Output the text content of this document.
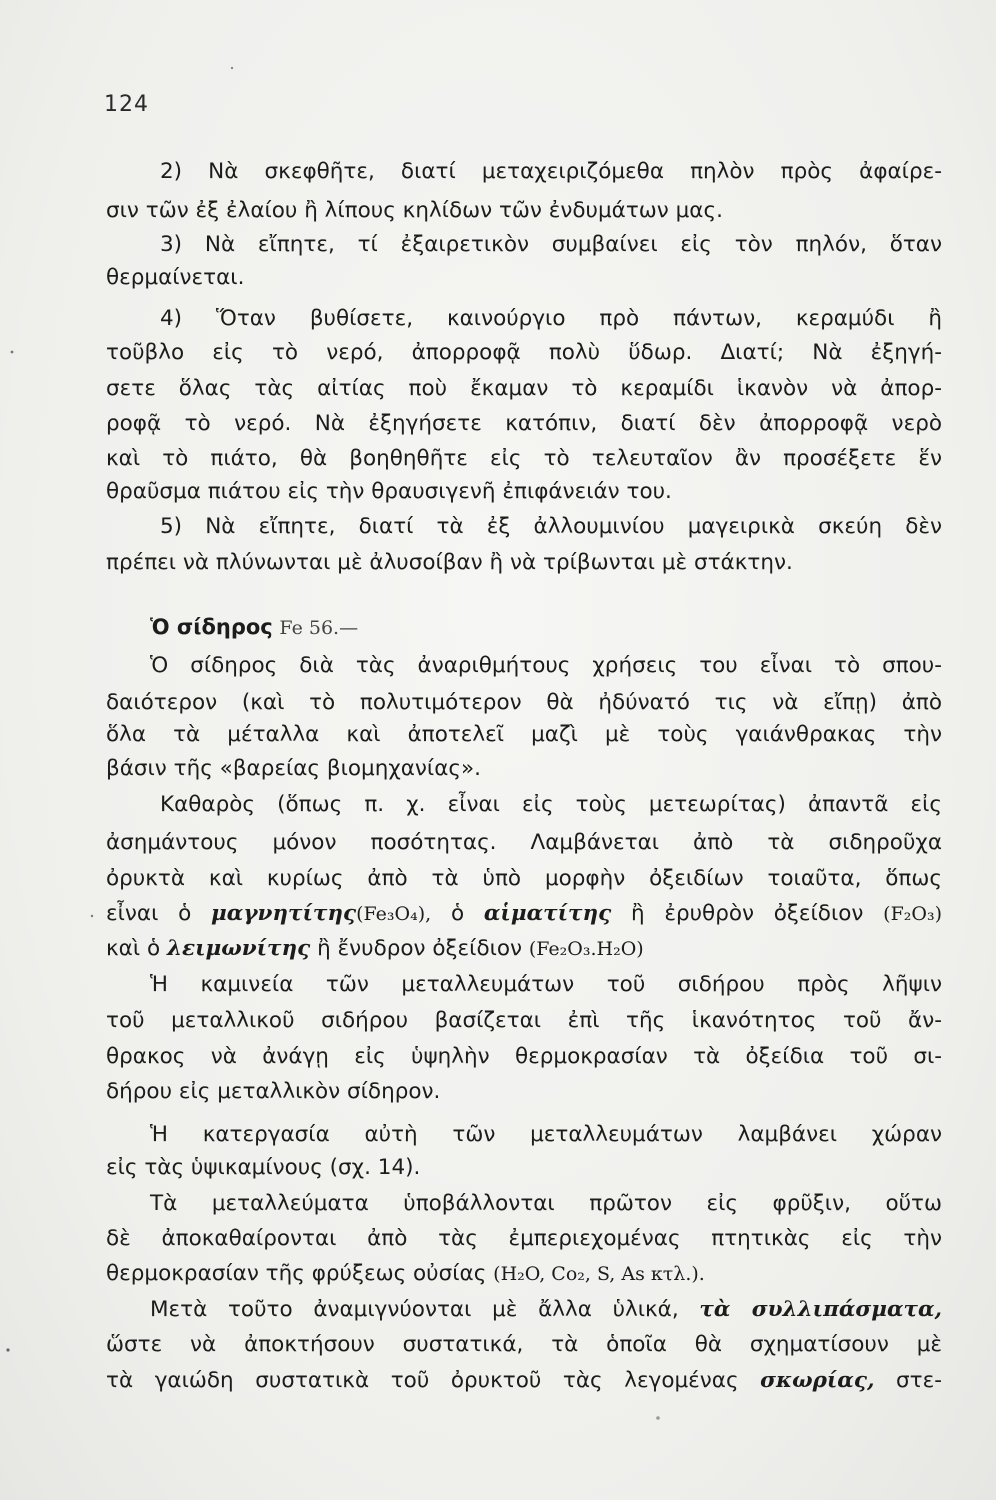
124
2) Νὰ σκεφθῆτε, διατί μεταχειριζόμεθα πηλὸν πρὸς ἀφαίρε-
σιν τῶν ἐξ ἐλαίου ἢ λίπους κηλίδων τῶν ἐνδυμάτων μας.
3) Νὰ εἴπητε, τί ἐξαιρετικὸν συμβαίνει εἰς τὸν πηλόν, ὅταν
θερμαίνεται.
4) Ὅταν βυθίσετε, καινούργιο πρὸ πάντων, κεραμύδι ἢ
τοῦβλο εἰς τὸ νερό, ἀπορροφᾷ πολὺ ὕδωρ. Διατί; Νὰ ἐξηγή-
σετε ὅλας τὰς αἰτίας ποὺ ἔκαμαν τὸ κεραμίδι ἱκανὸν νὰ ἀπορ-
ροφᾷ τὸ νερό. Νὰ ἐξηγήσετε κατόπιν, διατί δὲν ἀπορροφᾷ νερὸ
καὶ τὸ πιάτο, θὰ βοηθηθῆτε εἰς τὸ τελευταῖον ἂν προσέξετε ἕν
θραῦσμα πιάτου εἰς τὴν θραυσιγενῆ ἐπιφάνειάν του.
5) Νὰ εἴπητε, διατί τὰ ἐξ ἀλλουμινίου μαγειρικὰ σκεύη δὲν
πρέπει νὰ πλύνωνται μὲ ἀλυσοίβαν ἢ νὰ τρίβωνται μὲ στάκτην.
Ὁ σίδηρος Fe 56.—
Ὁ σίδηρος διὰ τὰς ἀναριθμήτους χρήσεις του εἶναι τὸ σπου-
δαιότερον (καὶ τὸ πολυτιμότερον θὰ ἠδύνατό τις νὰ εἴπῃ) ἀπὸ
ὅλα τὰ μέταλλα καὶ ἀποτελεῖ μαζὶ μὲ τοὺς γαιάνθρακας τὴν
βάσιν τῆς «βαρείας βιομηχανίας».
Καθαρὸς (ὅπως π. χ. εἶναι εἰς τοὺς μετεωρίτας) ἀπαντᾶ εἰς
ἀσημάντους μόνον ποσότητας. Λαμβάνεται ἀπὸ τὰ σιδηροῦχα
ὀρυκτὰ καὶ κυρίως ἀπὸ τὰ ὑπὸ μορφὴν ὀξειδίων τοιαῦτα, ὅπως
εἶναι ὁ μαγνητίτης(Fe₃O₄), ὁ αἱματίτης ἢ ἐρυθρὸν ὀξείδιον (F₂O₃)
καὶ ὁ λειμωνίτης ἢ ἔνυδρον ὀξείδιον (Fe₂O₃.H₂O)
Ἡ καμινεία τῶν μεταλλευμάτων τοῦ σιδήρου πρὸς λῆψιν
τοῦ μεταλλικοῦ σιδήρου βασίζεται ἐπὶ τῆς ἱκανότητος τοῦ ἄν-
θρακος νὰ ἀνάγῃ εἰς ὑψηλὴν θερμοκρασίαν τὰ ὀξείδια τοῦ σι-
δήρου εἰς μεταλλικὸν σίδηρον.
Ἡ κατεργασία αὐτὴ τῶν μεταλλευμάτων λαμβάνει χώραν
εἰς τὰς ὑψικαμίνους (σχ. 14).
Τὰ μεταλλεύματα ὑποβάλλονται πρῶτον εἰς φρῦξιν, οὕτω
δὲ ἀποκαθαίρονται ἀπὸ τὰς ἐμπεριεχομένας πτητικὰς εἰς τὴν
θερμοκρασίαν τῆς φρύξεως οὐσίας (H₂O, Co₂, S, As κτλ.).
Μετὰ τοῦτο ἀναμιγνύονται μὲ ἄλλα ὑλικά, τὰ συλλιπάσματα,
ὥστε νὰ ἀποκτήσουν συστατικά, τὰ ὁποῖα θὰ σχηματίσουν μὲ
τὰ γαιώδη συστατικὰ τοῦ ὀρυκτοῦ τὰς λεγομένας σκωρίας, στε-
